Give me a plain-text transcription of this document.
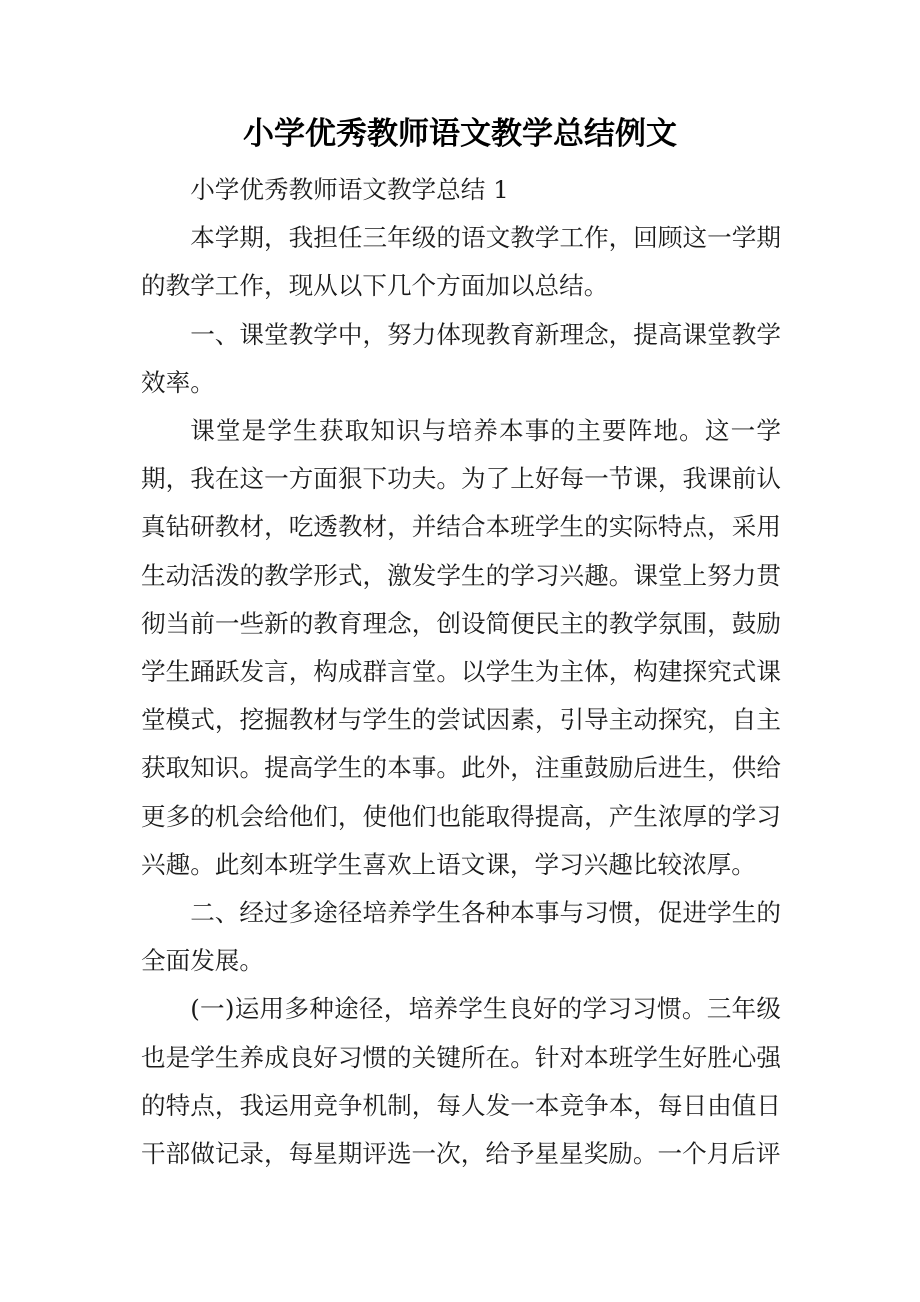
小学优秀教师语文教学总结例文

小学优秀教师语文教学总结 1

本学期，我担任三年级的语文教学工作，回顾这一学期的教学工作，现从以下几个方面加以总结。

一、课堂教学中，努力体现教育新理念，提高课堂教学效率。

课堂是学生获取知识与培养本事的主要阵地。这一学期，我在这一方面狠下功夫。为了上好每一节课，我课前认真钻研教材，吃透教材，并结合本班学生的实际特点，采用生动活泼的教学形式，激发学生的学习兴趣。课堂上努力贯彻当前一些新的教育理念，创设简便民主的教学氛围，鼓励学生踊跃发言，构成群言堂。以学生为主体，构建探究式课堂模式，挖掘教材与学生的尝试因素，引导主动探究，自主获取知识。提高学生的本事。此外，注重鼓励后进生，供给更多的机会给他们，使他们也能取得提高，产生浓厚的学习兴趣。此刻本班学生喜欢上语文课，学习兴趣比较浓厚。

二、经过多途径培养学生各种本事与习惯，促进学生的全面发展。

(一)运用多种途径，培养学生良好的学习习惯。三年级也是学生养成良好习惯的关键所在。针对本班学生好胜心强的特点，我运用竞争机制，每人发一本竞争本，每日由值日干部做记录，每星期评选一次，给予星星奖励。一个月后评
